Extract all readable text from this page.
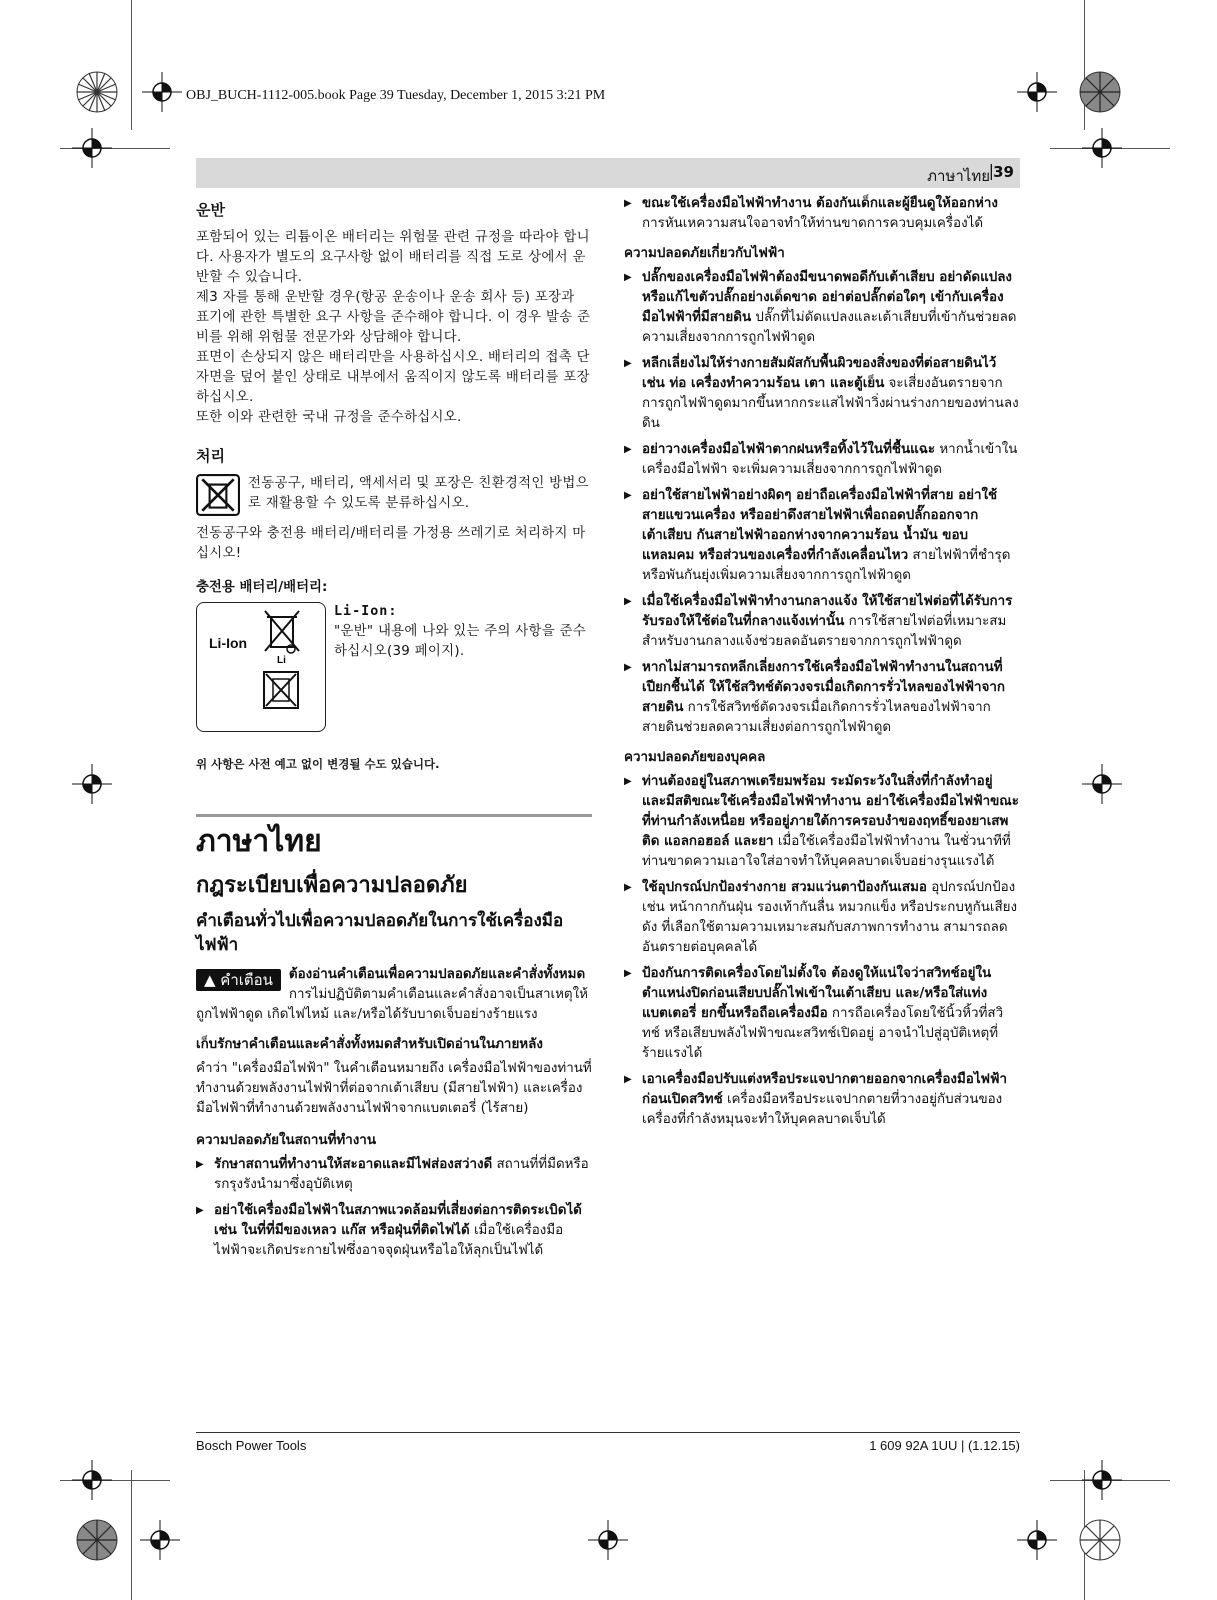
OBJ_BUCH-1112-005.book Page 39 Tuesday, December 1, 2015 3:21 PM
ภาษาไทย
| 39
운반

포함되어 있는 리튬이온 배터리는 위험물 관련 규정을 따라야 합니다. 사용자가 별도의 요구사항 없이 배터리를 직접 도로 상에서 운반할 수 있습니다.

제3 자를 통해 운반할 경우(항공 운송이나 운송 회사 등) 포장과 표기에 관한 특별한 요구 사항을 준수해야 합니다. 이 경우 발송 준비를 위해 위험물 전문가와 상담해야 합니다.

표면이 손상되지 않은 배터리만을 사용하십시오. 배터리의 접촉 단자면을 덮어 붙인 상태로 내부에서 움직이지 않도록 배터리를 포장하십시오.

또한 이와 관련한 국내 규정을 준수하십시오.

처리

전동공구, 배터리, 액세서리 및 포장은 친환경적인 방법으로 재활용할 수 있도록 분류하십시오.

전동공구와 충전용 배터리/배터리를 가정용 쓰레기로 처리하지 마십시오!

충전용 배터리/배터리:

Li-Ion
Li

Li-Ion:

"운반" 내용에 나와 있는 주의 사항을 준수하십시오(39 페이지).

위 사항은 사전 예고 없이 변경될 수도 있습니다.

ภาษาไทย
กฎระเบียบเพื่อความปลอดภัย
คำเตือนทั่วไปเพื่อความปลอดภัยในการใช้เครื่องมือไฟฟ้า
▲ คำเตือน	ต้องอ่านคำเตือนเพื่อความปลอดภัยและคำสั่งทั้งหมด การไม่ปฏิบัติตามคำเตือนและคำสั่งอาจเป็นสาเหตุให้ถูกไฟฟ้าดูด เกิดไฟไหม้ และ/หรือได้รับบาดเจ็บอย่างร้ายแรง

เก็บรักษาคำเตือนและคำสั่งทั้งหมดสำหรับเปิดอ่านในภายหลัง

คำว่า "เครื่องมือไฟฟ้า" ในคำเตือนหมายถึง เครื่องมือไฟฟ้าของท่านที่ทำงานด้วยพลังงานไฟฟ้าที่ต่อจากเต้าเสียบ (มีสายไฟฟ้า) และเครื่องมือไฟฟ้าที่ทำงานด้วยพลังงานไฟฟ้าจากแบตเตอรี่ (ไร้สาย)

ความปลอดภัยในสถานที่ทำงาน

▶ รักษาสถานที่ทำงานให้สะอาดและมีไฟส่องสว่างดี สถานที่ที่มืดหรือรกรุงรังนำมาซึ่งอุบัติเหตุ
▶ อย่าใช้เครื่องมือไฟฟ้าในสภาพแวดล้อมที่เสี่ยงต่อการติดระเบิดได้ เช่น ในที่ที่มีของเหลว แก๊ส หรือฝุ่นที่ติดไฟได้ เมื่อใช้เครื่องมือไฟฟ้าจะเกิดประกายไฟซึ่งอาจจุดฝุ่นหรือไอให้ลุกเป็นไฟได้
▶ ขณะใช้เครื่องมือไฟฟ้าทำงาน ต้องกันเด็กและผู้ยืนดูให้ออกห่าง การหันเหความสนใจอาจทำให้ท่านขาดการควบคุมเครื่องได้

ความปลอดภัยเกี่ยวกับไฟฟ้า

▶ ปลั๊กของเครื่องมือไฟฟ้าต้องมีขนาดพอดีกับเต้าเสียบ อย่าดัดแปลงหรือแก้ไขตัวปลั๊กอย่างเด็ดขาด อย่าต่อปลั๊กต่อใดๆ เข้ากับเครื่องมือไฟฟ้าที่มีสายดิน ปลั๊กที่ไม่ดัดแปลงและเต้าเสียบที่เข้ากันช่วยลดความเสี่ยงจากการถูกไฟฟ้าดูด
▶ หลีกเลี่ยงไม่ให้ร่างกายสัมผัสกับพื้นผิวของสิ่งของที่ต่อสายดินไว้ เช่น ท่อ เครื่องทำความร้อน เตา และตู้เย็น จะเสี่ยงอันตรายจากการถูกไฟฟ้าดูดมากขึ้นหากกระแสไฟฟ้าวิ่งผ่านร่างกายของท่านลงดิน
▶ อย่าวางเครื่องมือไฟฟ้าตากฝนหรือทิ้งไว้ในที่ชื้นแฉะ หากน้ำเข้าในเครื่องมือไฟฟ้า จะเพิ่มความเสี่ยงจากการถูกไฟฟ้าดูด
▶ อย่าใช้สายไฟฟ้าอย่างผิดๆ อย่าถือเครื่องมือไฟฟ้าที่สาย อย่าใช้สายแขวนเครื่อง หรืออย่าดึงสายไฟฟ้าเพื่อถอดปลั๊กออกจากเต้าเสียบ กันสายไฟฟ้าออกห่างจากความร้อน น้ำมัน ขอบแหลมคม หรือส่วนของเครื่องที่กำลังเคลื่อนไหว สายไฟฟ้าที่ชำรุดหรือพันกันยุ่งเพิ่มความเสี่ยงจากการถูกไฟฟ้าดูด
▶ เมื่อใช้เครื่องมือไฟฟ้าทำงานกลางแจ้ง ให้ใช้สายไฟต่อที่ได้รับการรับรองให้ใช้ต่อในที่กลางแจ้งเท่านั้น การใช้สายไฟต่อที่เหมาะสมสำหรับงานกลางแจ้งช่วยลดอันตรายจากการถูกไฟฟ้าดูด
▶ หากไม่สามารถหลีกเลี่ยงการใช้เครื่องมือไฟฟ้าทำงานในสถานที่เปียกชื้นได้ ให้ใช้สวิทช์ตัดวงจรเมื่อเกิดการรั่วไหลของไฟฟ้าจากสายดิน การใช้สวิทช์ตัดวงจรเมื่อเกิดการรั่วไหลของไฟฟ้าจากสายดินช่วยลดความเสี่ยงต่อการถูกไฟฟ้าดูด

ความปลอดภัยของบุคคล

▶ ท่านต้องอยู่ในสภาพเตรียมพร้อม ระมัดระวังในสิ่งที่กำลังทำอยู่ และมีสติขณะใช้เครื่องมือไฟฟ้าทำงาน อย่าใช้เครื่องมือไฟฟ้าขณะที่ท่านกำลังเหนื่อย หรืออยู่ภายใต้การครอบงำของฤทธิ์ของยาเสพติด แอลกอฮอล์ และยา เมื่อใช้เครื่องมือไฟฟ้าทำงาน ในชั่วนาทีที่ท่านขาดความเอาใจใส่อาจทำให้บุคคลบาดเจ็บอย่างรุนแรงได้
▶ ใช้อุปกรณ์ปกป้องร่างกาย สวมแว่นตาป้องกันเสมอ อุปกรณ์ปกป้อง เช่น หน้ากากกันฝุ่น รองเท้ากันลื่น หมวกแข็ง หรือประกบหูกันเสียงดัง ที่เลือกใช้ตามความเหมาะสมกับสภาพการทำงาน สามารถลดอันตรายต่อบุคคลได้
▶ ป้องกันการติดเครื่องโดยไม่ตั้งใจ ต้องดูให้แน่ใจว่าสวิทช์อยู่ในตำแหน่งปิดก่อนเสียบปลั๊กไฟเข้าในเต้าเสียบ และ/หรือใส่แท่งแบตเตอรี่ ยกขึ้นหรือถือเครื่องมือ การถือเครื่องโดยใช้นิ้วหิ้วที่สวิทช์ หรือเสียบพลังไฟฟ้าขณะสวิทช์เปิดอยู่ อาจนำไปสู่อุบัติเหตุที่ร้ายแรงได้
▶ เอาเครื่องมือปรับแต่งหรือประแจปากตายออกจากเครื่องมือไฟฟ้าก่อนเปิดสวิทช์ เครื่องมือหรือประแจปากตายที่วางอยู่กับส่วนของเครื่องที่กำลังหมุนจะทำให้บุคคลบาดเจ็บได้
Bosch Power Tools	1 609 92A 1UU | (1.12.15)
